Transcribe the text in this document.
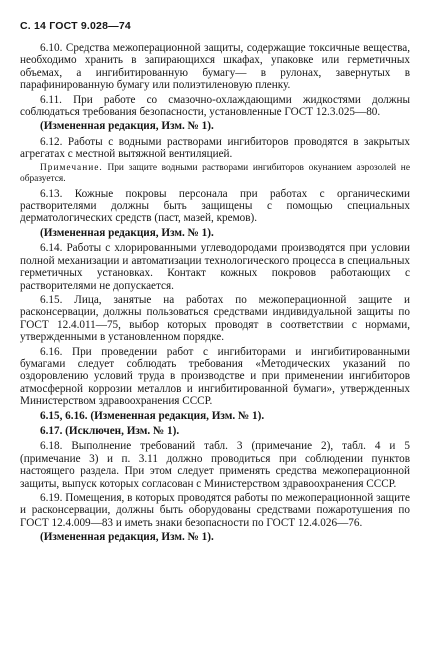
С. 14 ГОСТ 9.028—74

6.10. Средства межоперационной защиты, содержащие токсичные вещества, необходимо хранить в запирающихся шкафах, упаковке или герметичных объемах, а ингибитированную бумагу— в рулонах, завернутых в парафинированную бумагу или полиэтиленовую пленку.

6.11. При работе со смазочно-охлаждающими жидкостями должны соблюдаться требования безопасности, установленные ГОСТ 12.3.025—80.

(Измененная редакция, Изм. № 1).

6.12. Работы с водными растворами ингибиторов проводятся в закрытых агрегатах с местной вытяжной вентиляцией.

Примечание. При защите водными растворами ингибиторов окунанием аэрозолей не образуется.

6.13. Кожные покровы персонала при работах с органическими растворителями должны быть защищены с помощью специальных дерматологических средств (паст, мазей, кремов).

(Измененная редакция, Изм. № 1).

6.14. Работы с хлорированными углеводородами производятся при условии полной механизации и автоматизации технологического процесса в специальных герметичных установках. Контакт кожных покровов работающих с растворителями не допускается.

6.15. Лица, занятые на работах по межоперационной защите и расконсервации, должны пользоваться средствами индивидуальной защиты по ГОСТ 12.4.011—75, выбор которых проводят в соответствии с нормами, утвержденными в установленном порядке.

6.16. При проведении работ с ингибиторами и ингибитированными бумагами следует соблюдать требования «Методических указаний по оздоровлению условий труда в производстве и при применении ингибиторов атмосферной коррозии металлов и ингибитированной бумаги», утвержденных Министерством здравоохранения СССР.

6.15, 6.16. (Измененная редакция, Изм. № 1).

6.17. (Исключен, Изм. № 1).

6.18. Выполнение требований табл. 3 (примечание 2), табл. 4 и 5 (примечание 3) и п. 3.11 должно проводиться при соблюдении пунктов настоящего раздела. При этом следует применять средства межоперационной защиты, выпуск которых согласован с Министерством здравоохранения СССР.

6.19. Помещения, в которых проводятся работы по межоперационной защите и расконсервации, должны быть оборудованы средствами пожаротушения по ГОСТ 12.4.009—83 и иметь знаки безопасности по ГОСТ 12.4.026—76.

(Измененная редакция, Изм. № 1).
